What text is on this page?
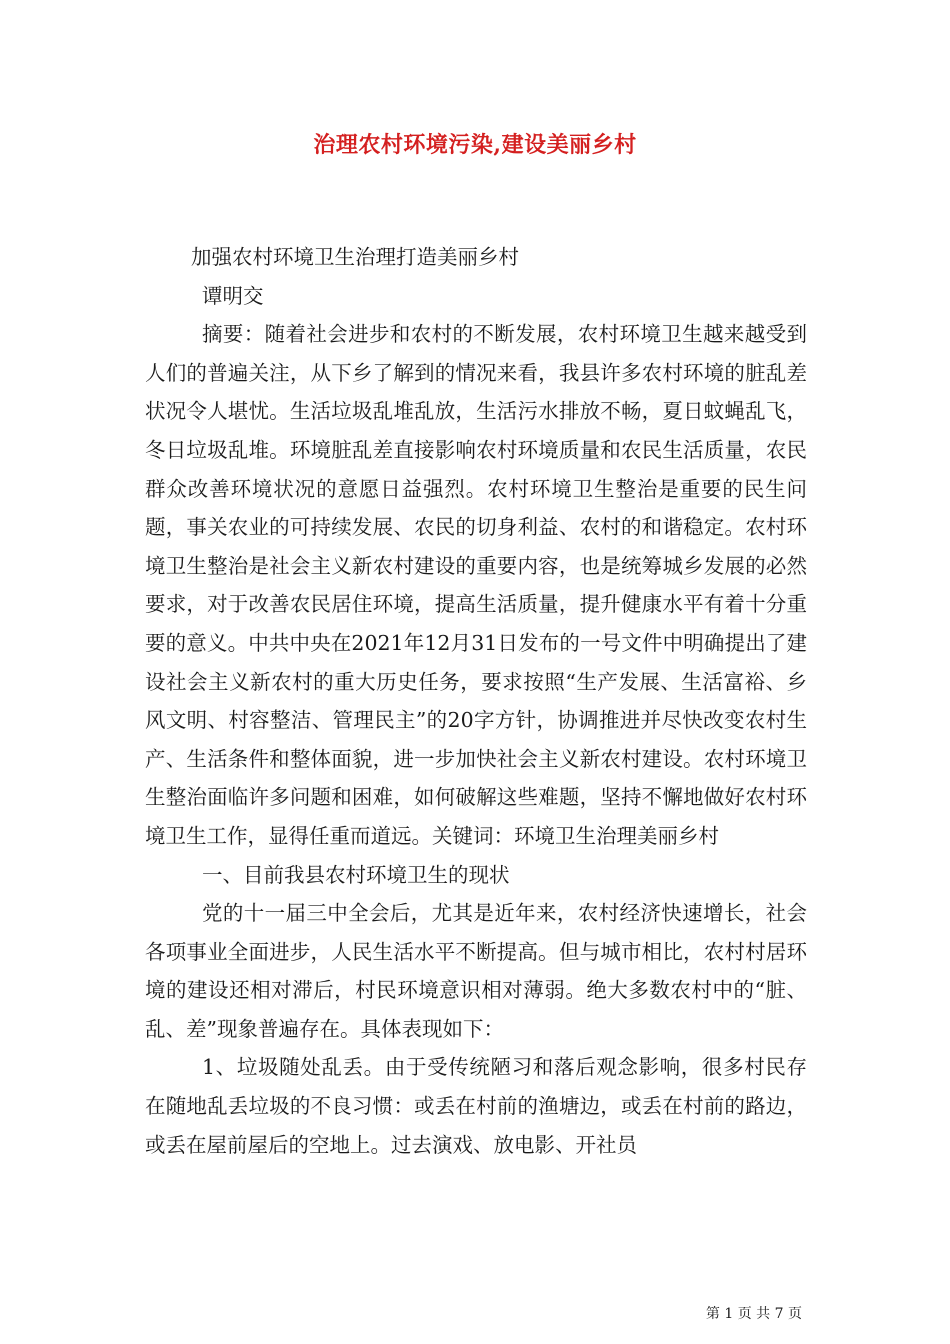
治理农村环境污染,建设美丽乡村

加强农村环境卫生治理打造美丽乡村

谭明交

摘要：随着社会进步和农村的不断发展，农村环境卫生越来越受到人们的普遍关注，从下乡了解到的情况来看，我县许多农村环境的脏乱差状况令人堪忧。生活垃圾乱堆乱放，生活污水排放不畅，夏日蚊蝇乱飞，冬日垃圾乱堆。环境脏乱差直接影响农村环境质量和农民生活质量，农民群众改善环境状况的意愿日益强烈。农村环境卫生整治是重要的民生问题，事关农业的可持续发展、农民的切身利益、农村的和谐稳定。农村环境卫生整治是社会主义新农村建设的重要内容，也是统筹城乡发展的必然要求，对于改善农民居住环境，提高生活质量，提升健康水平有着十分重要的意义。中共中央在2021年12月31日发布的一号文件中明确提出了建设社会主义新农村的重大历史任务，要求按照“生产发展、生活富裕、乡风文明、村容整洁、管理民主”的20字方针，协调推进并尽快改变农村生产、生活条件和整体面貌，进一步加快社会主义新农村建设。农村环境卫生整治面临许多问题和困难，如何破解这些难题，坚持不懈地做好农村环境卫生工作，显得任重而道远。关键词：环境卫生治理美丽乡村

一、目前我县农村环境卫生的现状

党的十一届三中全会后，尤其是近年来，农村经济快速增长，社会各项事业全面进步，人民生活水平不断提高。但与城市相比，农村村居环境的建设还相对滞后，村民环境意识相对薄弱。绝大多数农村中的“脏、乱、差”现象普遍存在。具体表现如下：

1、垃圾随处乱丢。由于受传统陋习和落后观念影响，很多村民存在随地乱丢垃圾的不良习惯：或丢在村前的渔塘边，或丢在村前的路边，或丢在屋前屋后的空地上。过去演戏、放电影、开社员

第 1 页 共 7 页
